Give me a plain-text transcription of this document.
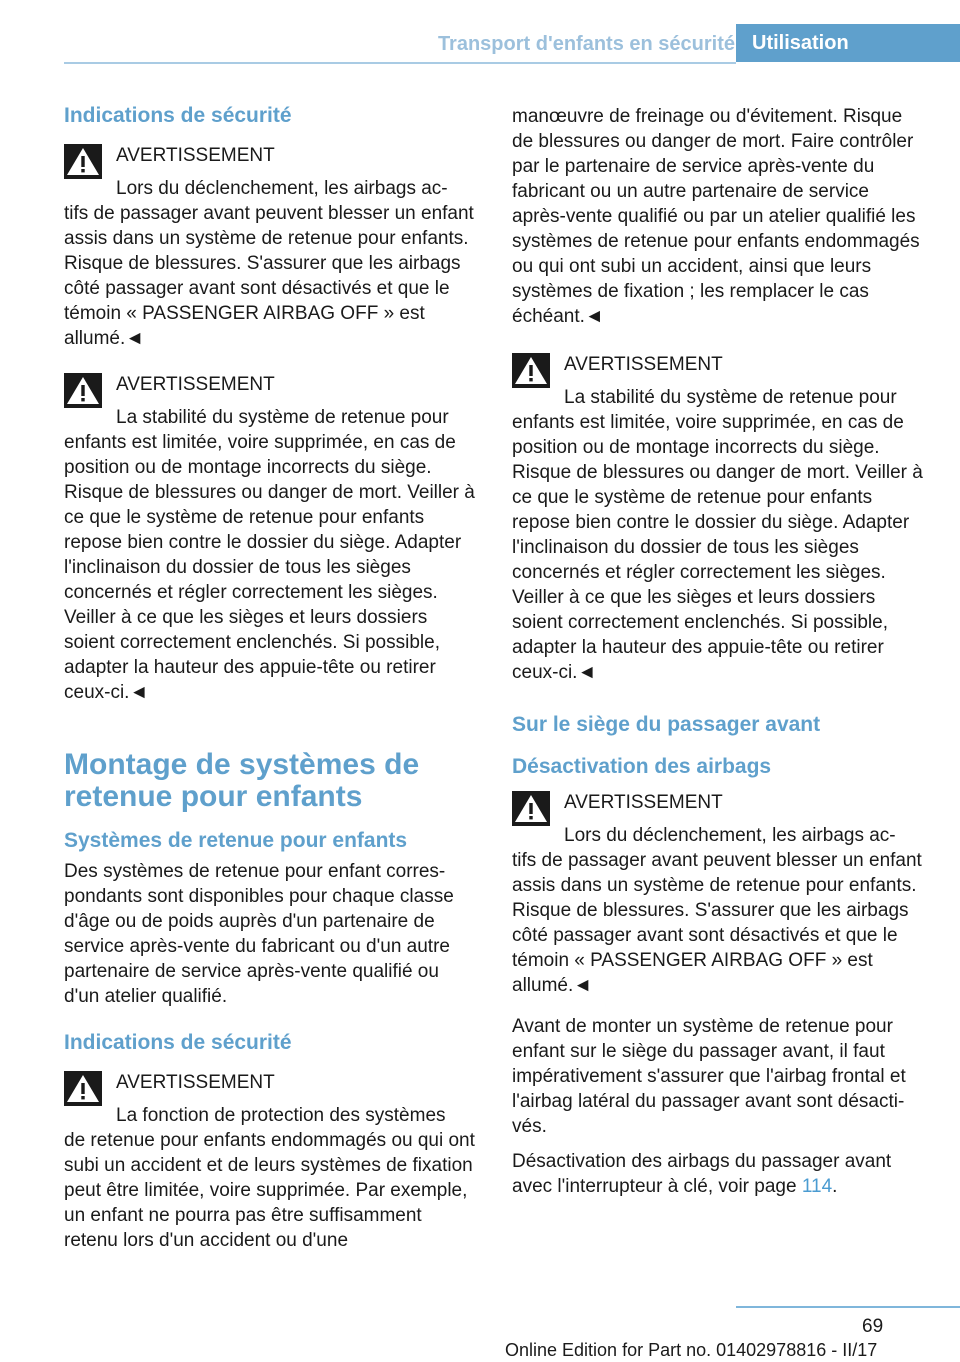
Transport d'enfants en sécurité Utilisation
Indications de sécurité
AVERTISSEMENT
Lors du déclenchement, les airbags ac-
tifs de passager avant peuvent blesser un enfant assis dans un système de retenue pour enfants. Risque de blessures. S'assurer que les airbags côté passager avant sont désactivés et que le témoin « PASSENGER AIRBAG OFF » est allumé.◄
AVERTISSEMENT
La stabilité du système de retenue pour
enfants est limitée, voire supprimée, en cas de position ou de montage incorrects du siège. Risque de blessures ou danger de mort. Veiller à ce que le système de retenue pour enfants repose bien contre le dossier du siège. Adapter l'inclinaison du dossier de tous les sièges concernés et régler correctement les sièges. Veiller à ce que les sièges et leurs dossiers soient correctement enclenchés. Si possible, adapter la hauteur des appuie-tête ou retirer ceux-ci.◄
Montage de systèmes de retenue pour enfants
Systèmes de retenue pour enfants

Des systèmes de retenue pour enfant correspondants sont disponibles pour chaque classe d'âge ou de poids auprès d'un partenaire de service après-vente du fabricant ou d'un autre partenaire de service après-vente qualifié ou d'un atelier qualifié.

Indications de sécurité
AVERTISSEMENT
La fonction de protection des systèmes
de retenue pour enfants endommagés ou qui ont subi un accident et de leurs systèmes de fixation peut être limitée, voire supprimée. Par exemple, un enfant ne pourra pas être suffisamment retenu lors d'un accident ou d'une

manœuvre de freinage ou d'évitement. Risque de blessures ou danger de mort. Faire contrôler par le partenaire de service après-vente du fabricant ou un autre partenaire de service après-vente qualifié ou par un atelier qualifié les systèmes de retenue pour enfants endommagés ou qui ont subi un accident, ainsi que leurs systèmes de fixation ; les remplacer le cas échéant.◄

AVERTISSEMENT
La stabilité du système de retenue pour
enfants est limitée, voire supprimée, en cas de position ou de montage incorrects du siège. Risque de blessures ou danger de mort. Veiller à ce que le système de retenue pour enfants repose bien contre le dossier du siège. Adapter l'inclinaison du dossier de tous les sièges concernés et régler correctement les sièges. Veiller à ce que les sièges et leurs dossiers soient correctement enclenchés. Si possible, adapter la hauteur des appuie-tête ou retirer ceux-ci.◄
Sur le siège du passager avant
Désactivation des airbags
AVERTISSEMENT
Lors du déclenchement, les airbags ac-
tifs de passager avant peuvent blesser un enfant assis dans un système de retenue pour enfants. Risque de blessures. S'assurer que les airbags côté passager avant sont désactivés et que le témoin « PASSENGER AIRBAG OFF » est allumé.◄

Avant de monter un système de retenue pour enfant sur le siège du passager avant, il faut impérativement s'assurer que l'airbag frontal et l'airbag latéral du passager avant sont désactivés.

Désactivation des airbags du passager avant avec l'interrupteur à clé, voir page 114.

69
Online Edition for Part no. 01402978816 - II/17
